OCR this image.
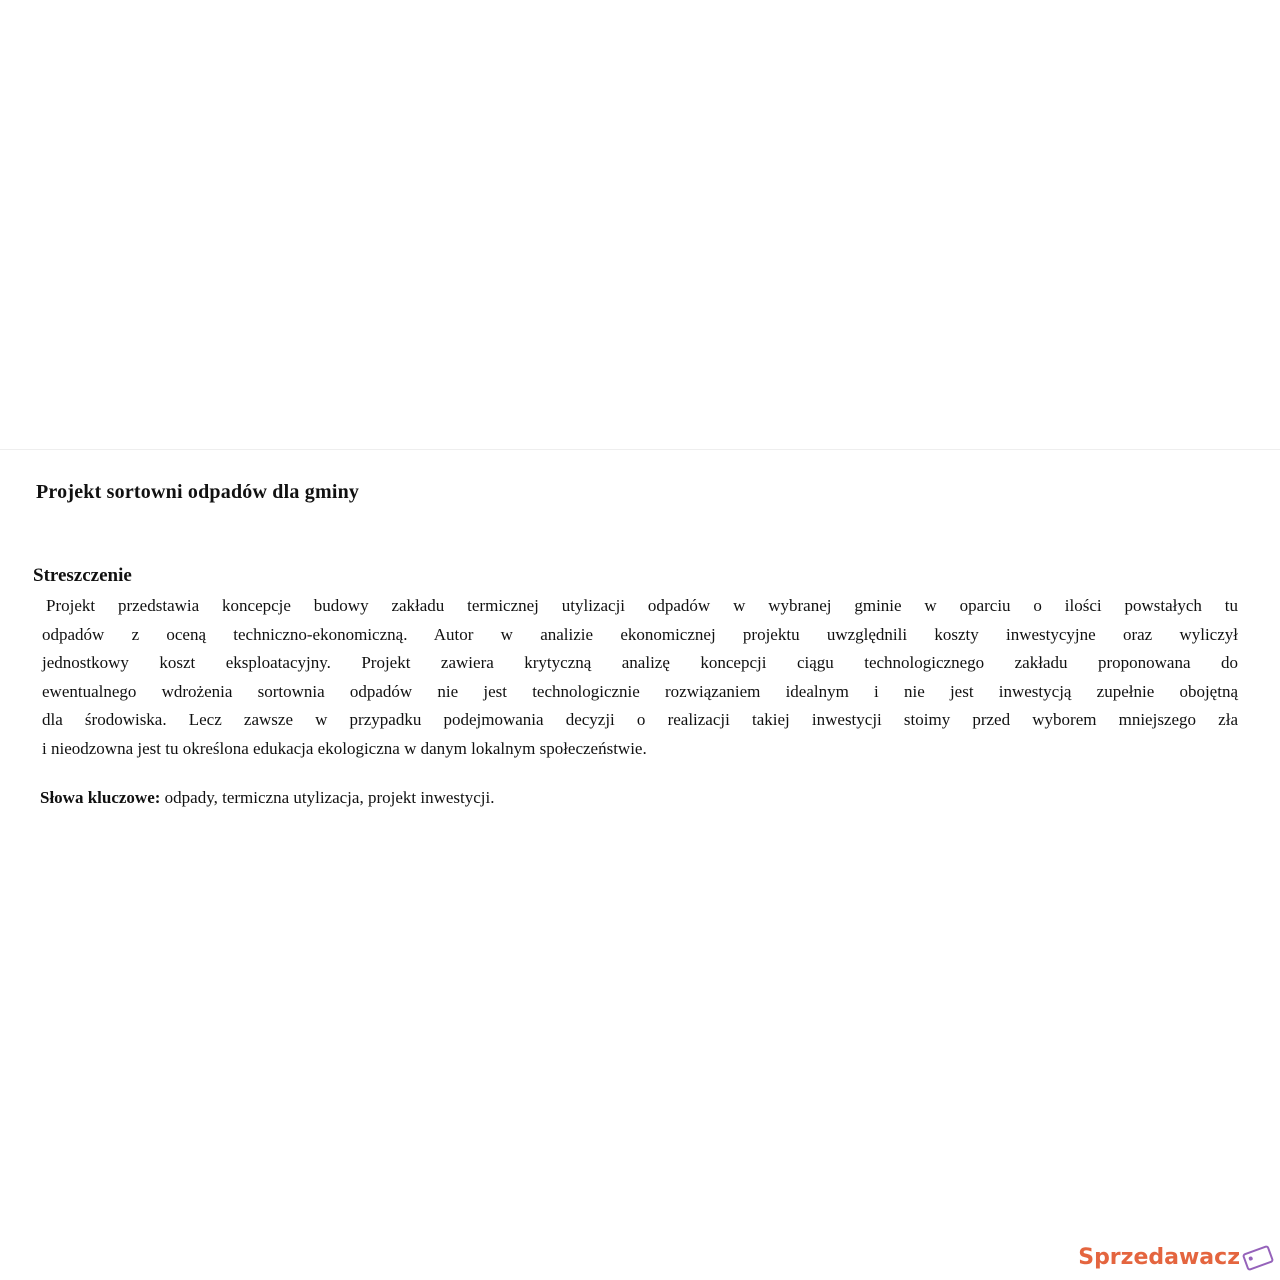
Projekt sortowni odpadów dla gminy
Streszczenie
Projekt przedstawia koncepcje budowy zakładu termicznej utylizacji odpadów w wybranej gminie w oparciu o ilości powstałych tu
odpadów z oceną techniczno-ekonomiczną. Autor w analizie ekonomicznej projektu uwzględnili koszty inwestycyjne oraz wyliczył
jednostkowy koszt eksploatacyjny. Projekt zawiera krytyczną analizę koncepcji ciągu technologicznego zakładu proponowana do
ewentualnego wdrożenia sortownia odpadów nie jest technologicznie rozwiązaniem idealnym i nie jest inwestycją zupełnie obojętną
dla środowiska. Lecz zawsze w przypadku podejmowania decyzji o realizacji takiej inwestycji stoimy przed wyborem mniejszego zła
i nieodzowna jest tu określona edukacja ekologiczna w danym lokalnym społeczeństwie.
Słowa kluczowe: odpady, termiczna utylizacja, projekt inwestycji.
Sprzedawacz
